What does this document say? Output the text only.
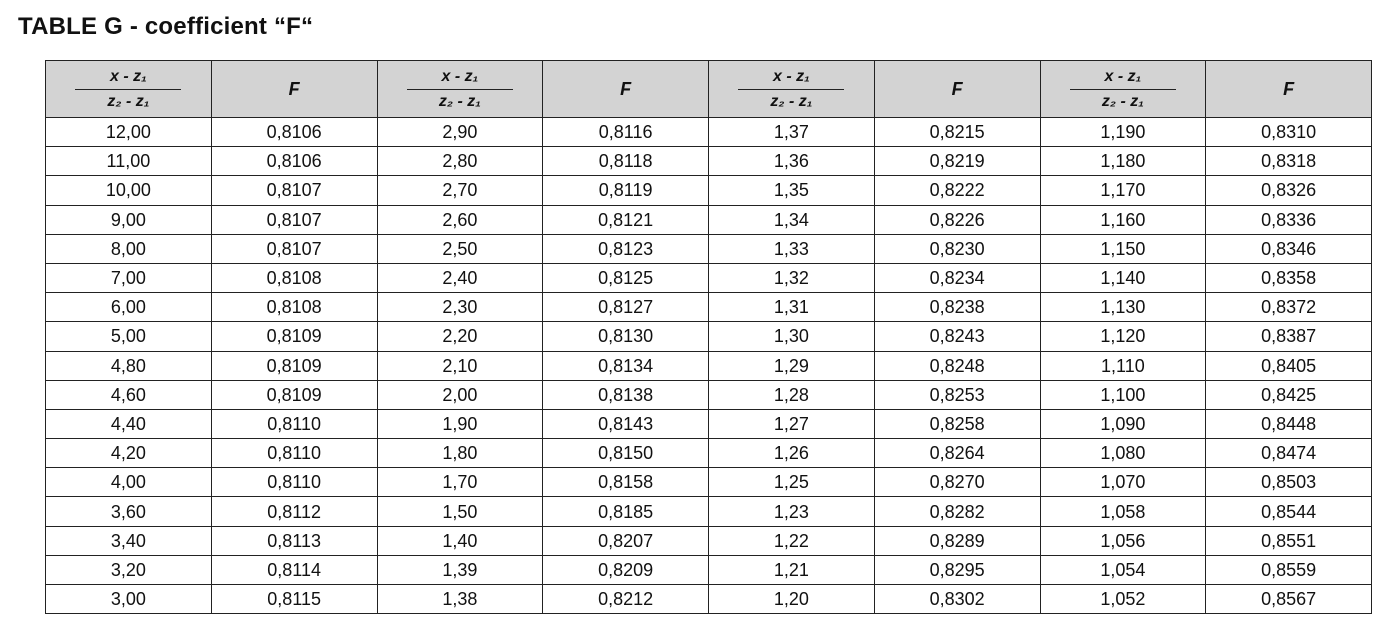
TABLE G - coefficient “F“
$\frac{\text{x - z₁}}{\text{z₂ - z₁}}$	F	$\frac{\text{x - z₁}}{\text{z₂ - z₁}}$	F	$\frac{\text{x - z₁}}{\text{z₂ - z₁}}$	F	$\frac{\text{x - z₁}}{\text{z₂ - z₁}}$	F
12,00	0,8106	2,90	0,8116	1,37	0,8215	1,190	0,8310
11,00	0,8106	2,80	0,8118	1,36	0,8219	1,180	0,8318
10,00	0,8107	2,70	0,8119	1,35	0,8222	1,170	0,8326
9,00	0,8107	2,60	0,8121	1,34	0,8226	1,160	0,8336
8,00	0,8107	2,50	0,8123	1,33	0,8230	1,150	0,8346
7,00	0,8108	2,40	0,8125	1,32	0,8234	1,140	0,8358
6,00	0,8108	2,30	0,8127	1,31	0,8238	1,130	0,8372
5,00	0,8109	2,20	0,8130	1,30	0,8243	1,120	0,8387
4,80	0,8109	2,10	0,8134	1,29	0,8248	1,110	0,8405
4,60	0,8109	2,00	0,8138	1,28	0,8253	1,100	0,8425
4,40	0,8110	1,90	0,8143	1,27	0,8258	1,090	0,8448
4,20	0,8110	1,80	0,8150	1,26	0,8264	1,080	0,8474
4,00	0,8110	1,70	0,8158	1,25	0,8270	1,070	0,8503
3,60	0,8112	1,50	0,8185	1,23	0,8282	1,058	0,8544
3,40	0,8113	1,40	0,8207	1,22	0,8289	1,056	0,8551
3,20	0,8114	1,39	0,8209	1,21	0,8295	1,054	0,8559
3,00	0,8115	1,38	0,8212	1,20	0,8302	1,052	0,8567
